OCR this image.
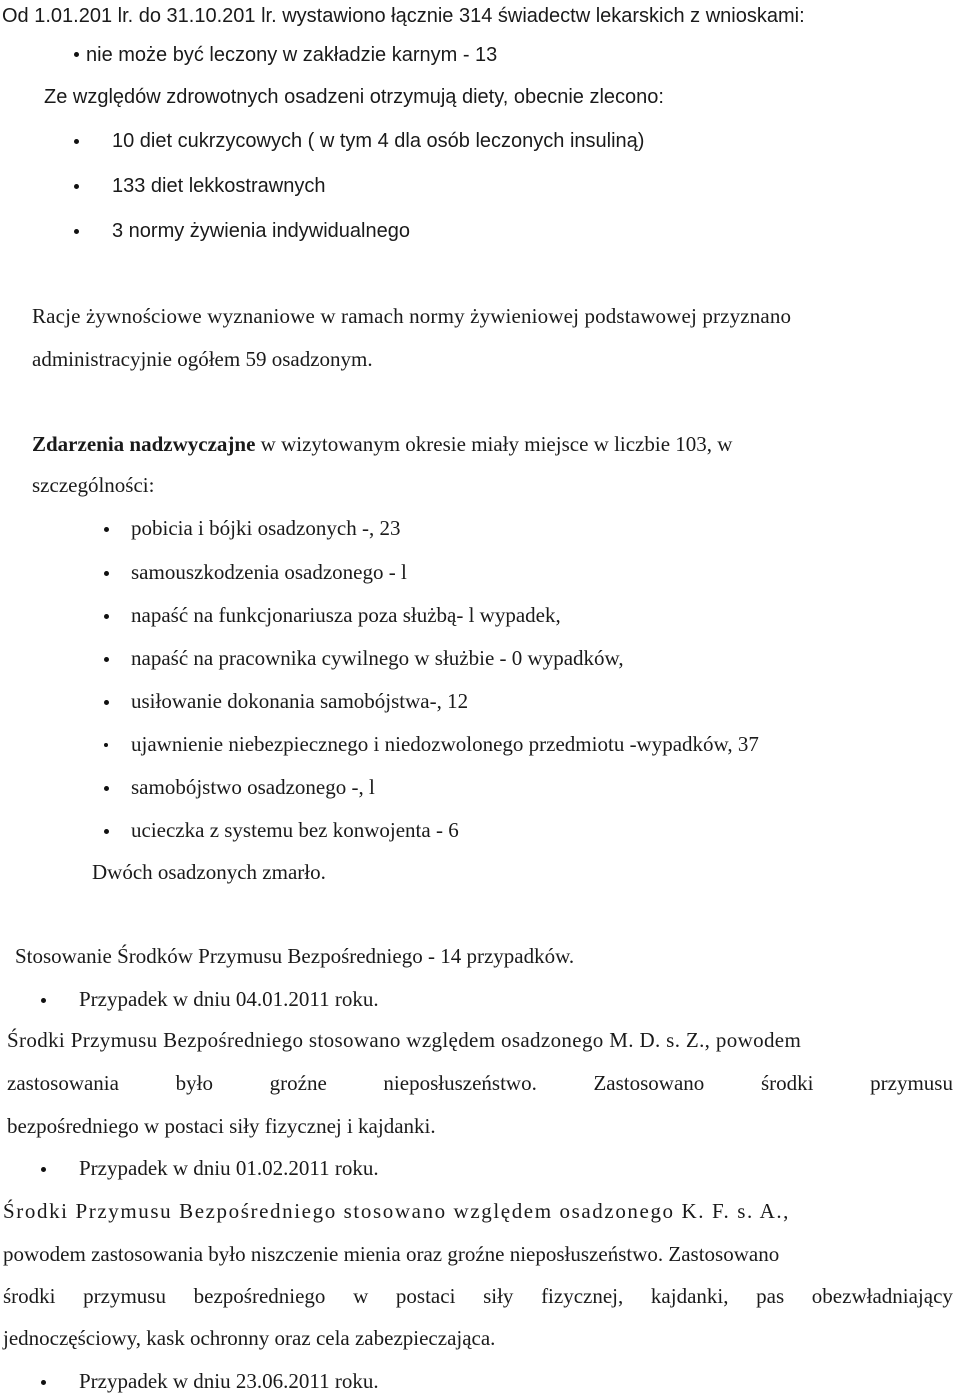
Od 1.01.201 lr. do 31.10.201 lr. wystawiono łącznie 314 świadectw lekarskich z wnioskami:
nie może być leczony w zakładzie karnym - 13
Ze względów zdrowotnych osadzeni otrzymują diety, obecnie zlecono:
10 diet cukrzycowych ( w tym 4 dla osób leczonych insuliną)
133 diet lekkostrawnych
3 normy żywienia indywidualnego
Racje żywnościowe wyznaniowe w ramach normy żywieniowej podstawowej przyznano
administracyjnie ogółem 59 osadzonym.
Zdarzenia nadzwyczajne w wizytowanym okresie miały miejsce w liczbie 103, w
szczególności:
pobicia i bójki osadzonych -, 23
samouszkodzenia osadzonego - l
napaść na funkcjonariusza poza służbą- l wypadek,
napaść na pracownika cywilnego w służbie - 0 wypadków,
usiłowanie dokonania samobójstwa-, 12
ujawnienie niebezpiecznego i niedozwolonego przedmiotu -wypadków, 37
samobójstwo osadzonego -, l
ucieczka z systemu bez konwojenta - 6
Dwóch osadzonych zmarło.
Stosowanie Środków Przymusu Bezpośredniego - 14 przypadków.
Przypadek w dniu 04.01.2011 roku.
Środki Przymusu Bezpośredniego stosowano względem osadzonego M. D. s. Z., powodem
zastosowania	było	groźne	nieposłuszeństwo.	Zastosowano	środki	przymusu
bezpośredniego w postaci siły fizycznej i kajdanki.
Przypadek w dniu 01.02.2011 roku.
Środki Przymusu Bezpośredniego stosowano względem osadzonego K. F. s. A.,
powodem zastosowania było niszczenie mienia oraz groźne nieposłuszeństwo. Zastosowano
środki przymusu bezpośredniego w postaci siły fizycznej, kajdanki, pas obezwładniający
jednoczęściowy, kask ochronny oraz cela zabezpieczająca.
Przypadek w dniu 23.06.2011 roku.
